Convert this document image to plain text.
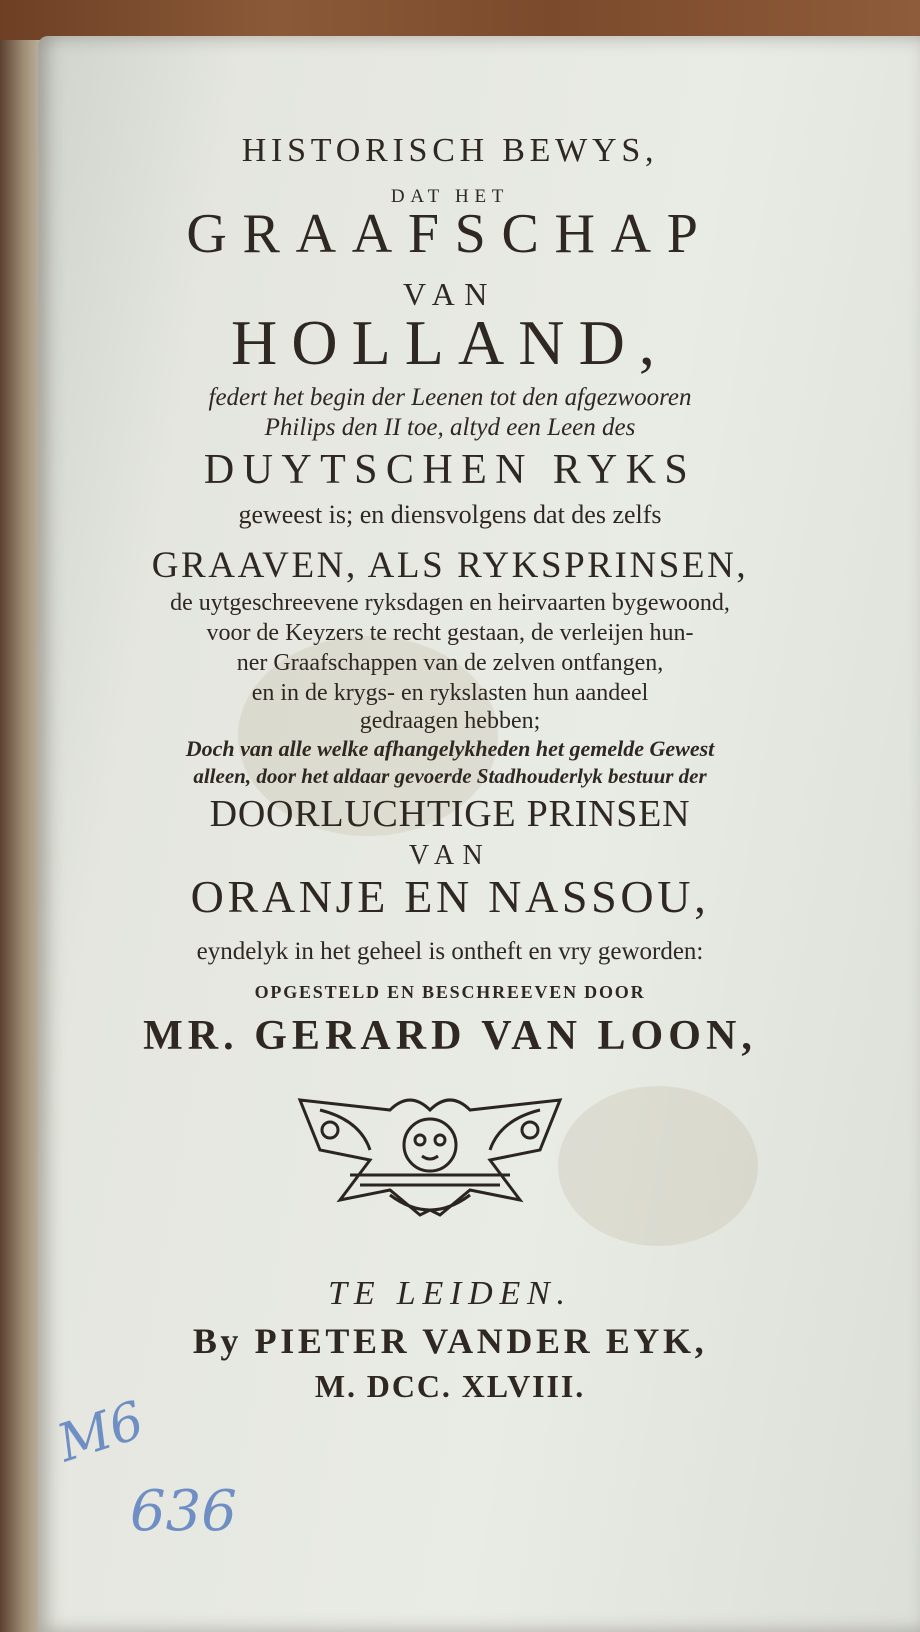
HISTORISCH BEWYS,
DAT HET
GRAAFSCHAP
VAN
HOLLAND,
federt het begin der Leenen tot den afgezwooren
Philips den II toe, altyd een Leen des
DUYTSCHEN RYKS
geweest is; en diensvolgens dat des zelfs
GRAAVEN, ALS RYKSPRINSEN,
de uytgeschreevene ryksdagen en heirvaarten bygewoond,
voor de Keyzers te recht gestaan, de verleijen hun-
ner Graafschappen van de zelven ontfangen,
en in de krygs- en rykslasten hun aandeel
gedraagen hebben;
Doch van alle welke afhangelykheden het gemelde Gewest
alleen, door het aldaar gevoerde Stadhouderlyk bestuur der
DOORLUCHTIGE PRINSEN
VAN
ORANJE EN NASSOU,
eyndelyk in het geheel is ontheft en vry geworden:
OPGESTELD EN BESCHREEVEN DOOR
MR. GERARD VAN LOON,
TE LEIDEN.
By PIETER VANDER EYK,
M. DCC. XLVIII.
M6
636
